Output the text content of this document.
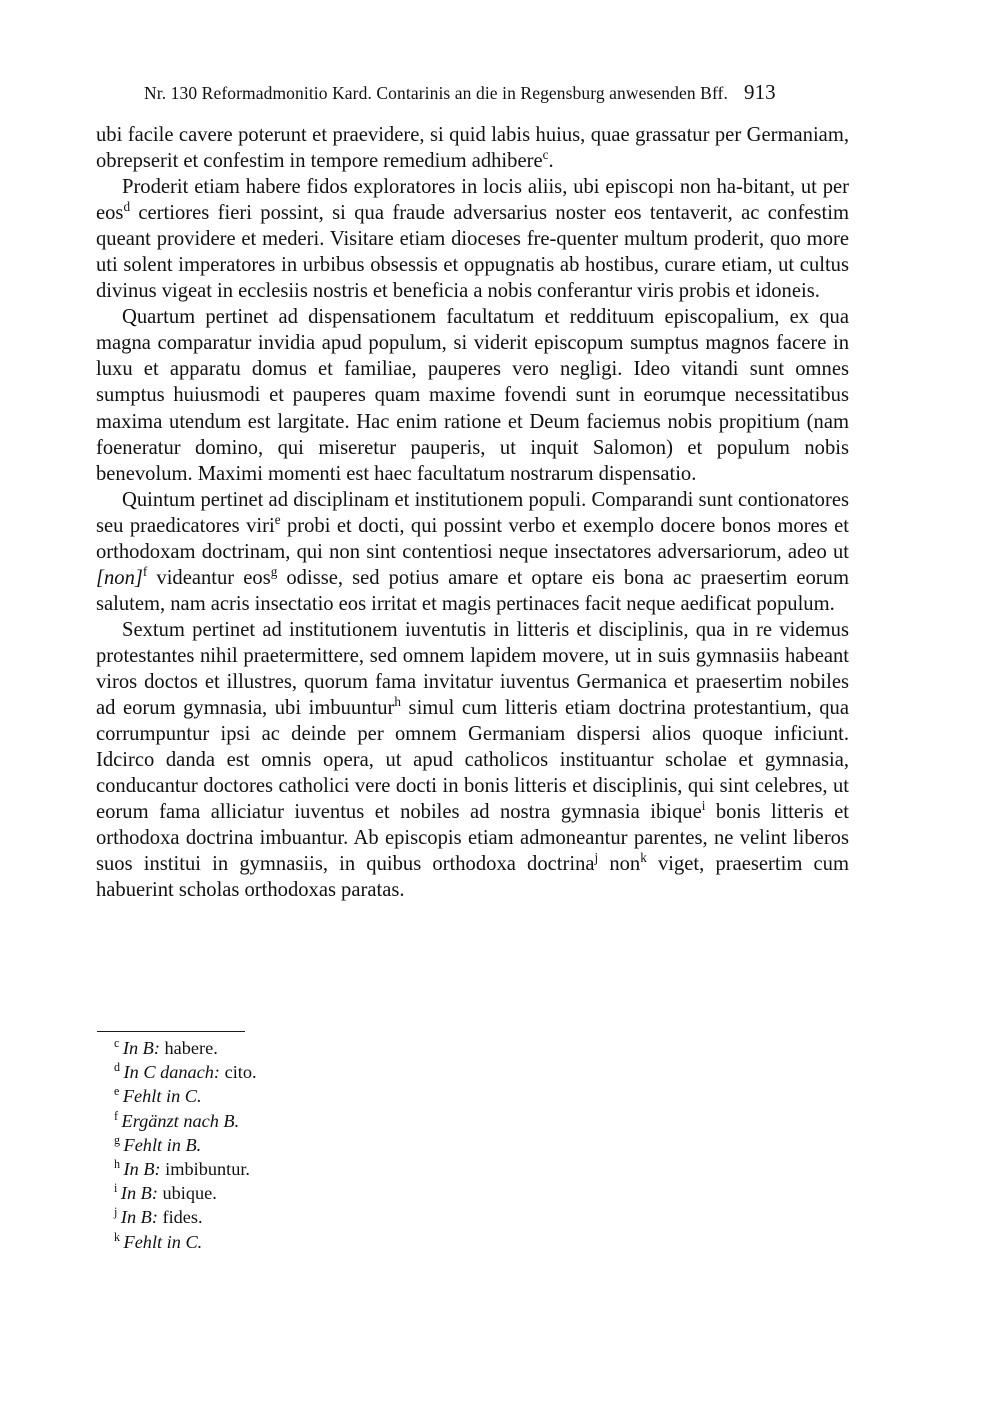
Nr. 130 Reformadmonitio Kard. Contarinis an die in Regensburg anwesenden Bff. 913

ubi facile cavere poterunt et praevidere, si quid labis huius, quae grassatur per Germaniam, obrepserit et confestim in tempore remedium adhibere$^c$.

Proderit etiam habere fidos exploratores in locis aliis, ubi episcopi non ha-bitant, ut per eos$^d$ certiores fieri possint, si qua fraude adversarius noster eos tentaverit, ac confestim queant providere et mederi. Visitare etiam dioceses fre-quenter multum proderit, quo more uti solent imperatores in urbibus obsessis et oppugnatis ab hostibus, curare etiam, ut cultus divinus vigeat in ecclesiis nostris et beneficia a nobis conferantur viris probis et idoneis.

Quartum pertinet ad dispensationem facultatum et reddituum episcopalium, ex qua magna comparatur invidia apud populum, si viderit episcopum sumptus magnos facere in luxu et apparatu domus et familiae, pauperes vero negligi. Ideo vitandi sunt omnes sumptus huiusmodi et pauperes quam maxime fovendi sunt in eorumque necessitatibus maxima utendum est largitate. Hac enim ratione et Deum faciemus nobis propitium (nam foeneratur domino, qui miseretur pauperis, ut inquit Salomon) et populum nobis benevolum. Maximi momenti est haec facultatum nostrarum dispensatio.

Quintum pertinet ad disciplinam et institutionem populi. Comparandi sunt contionatores seu praedicatores viri$^e$ probi et docti, qui possint verbo et exemplo docere bonos mores et orthodoxam doctrinam, qui non sint contentiosi neque insectatores adversariorum, adeo ut [non]$^f$ videantur eos$^g$ odisse, sed potius amare et optare eis bona ac praesertim eorum salutem, nam acris insectatio eos irritat et magis pertinaces facit neque aedificat populum.

Sextum pertinet ad institutionem iuventutis in litteris et disciplinis, qua in re videmus protestantes nihil praetermittere, sed omnem lapidem movere, ut in suis gymnasiis habeant viros doctos et illustres, quorum fama invitatur iuventus Germanica et praesertim nobiles ad eorum gymnasia, ubi imbuuntur$^h$ simul cum litteris etiam doctrina protestantium, qua corrumpuntur ipsi ac deinde per omnem Germaniam dispersi alios quoque inficiunt. Idcirco danda est omnis opera, ut apud catholicos instituantur scholae et gymnasia, conducantur doctores catholici vere docti in bonis litteris et disciplinis, qui sint celebres, ut eorum fama alliciatur iuventus et nobiles ad nostra gymnasia ibique$^i$ bonis litteris et orthodoxa doctrina imbuantur. Ab episcopis etiam admoneantur parentes, ne velint liberos suos institui in gymnasiis, in quibus orthodoxa doctrina$^j$ non$^k$ viget, praesertim cum habuerint scholas orthodoxas paratas.

$^c$ In B: habere.
$^d$ In C danach: cito.
$^e$ Fehlt in C.
$^f$ Ergänzt nach B.
$^g$ Fehlt in B.
$^h$ In B: imbibuntur.
$^i$ In B: ubique.
$^j$ In B: fides.
$^k$ Fehlt in C.
